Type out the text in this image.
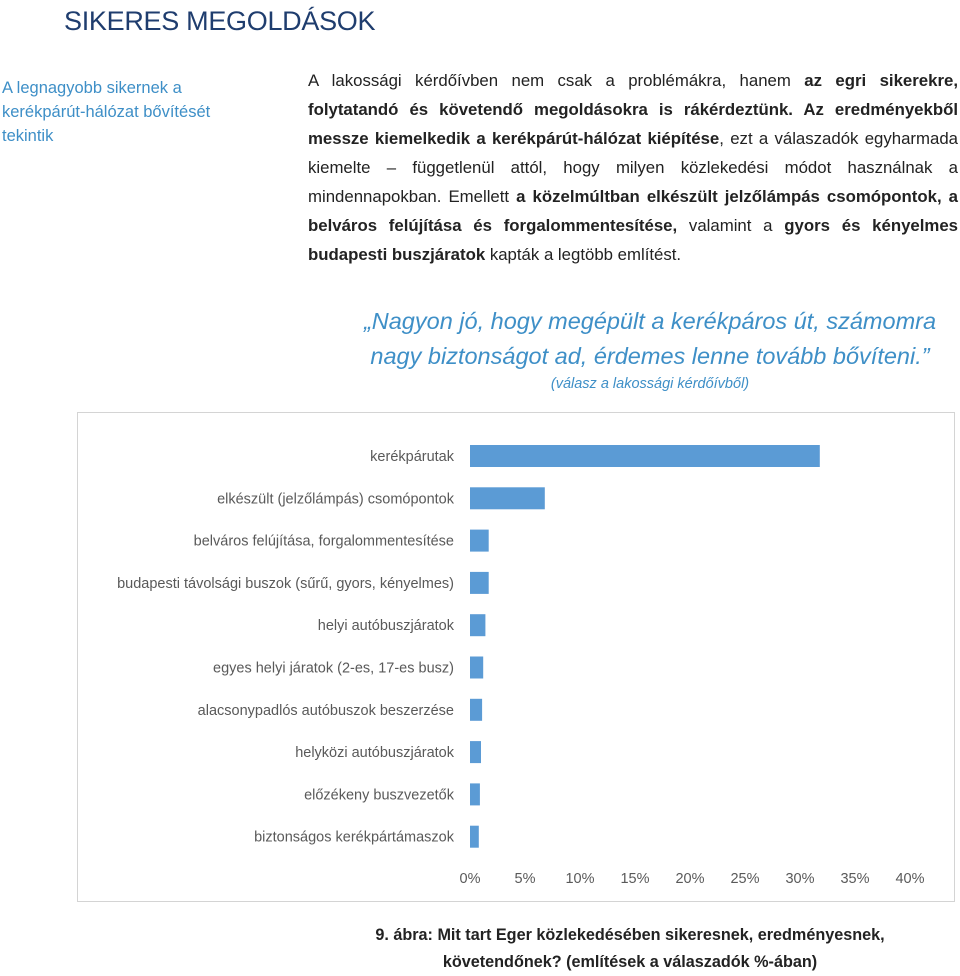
SIKERES MEGOLDÁSOK
A legnagyobb sikernek a kerékpárút-hálózat bővítését tekintik
A lakossági kérdőívben nem csak a problémákra, hanem az egri sikerekre, folytatandó és követendő megoldásokra is rákérdeztünk. Az eredményekből messze kiemelkedik a kerékpárút-hálózat kiépítése, ezt a válaszadók egyharmada kiemelte – függetlenül attól, hogy milyen közlekedési módot használnak a mindennapokban. Emellett a közelmúltban elkészült jelzőlámpás csomópontok, a belváros felújítása és forgalommentesítése, valamint a gyors és kényelmes budapesti buszjáratok kapták a legtöbb említést.
„Nagyon jó, hogy megépült a kerékpáros út, számomra nagy biztonságot ad, érdemes lenne tovább bővíteni.”
(válasz a lakossági kérdőívből)
kerékpárutak
elkészült (jelzőlámpás) csomópontok
belváros felújítása, forgalommentesítése
budapesti távolsági buszok (sűrű, gyors, kényelmes)
helyi autóbuszjáratok
egyes helyi járatok (2-es, 17-es busz)
alacsonypadlós autóbuszok beszerzése
helyközi autóbuszjáratok
előzékeny buszvezetők
biztonságos kerékpártámaszok
0% 5% 10% 15% 20% 25% 30% 35% 40%
9. ábra: Mit tart Eger közlekedésében sikeresnek, eredményesnek,
követendőnek? (említések a válaszadók %-ában)
